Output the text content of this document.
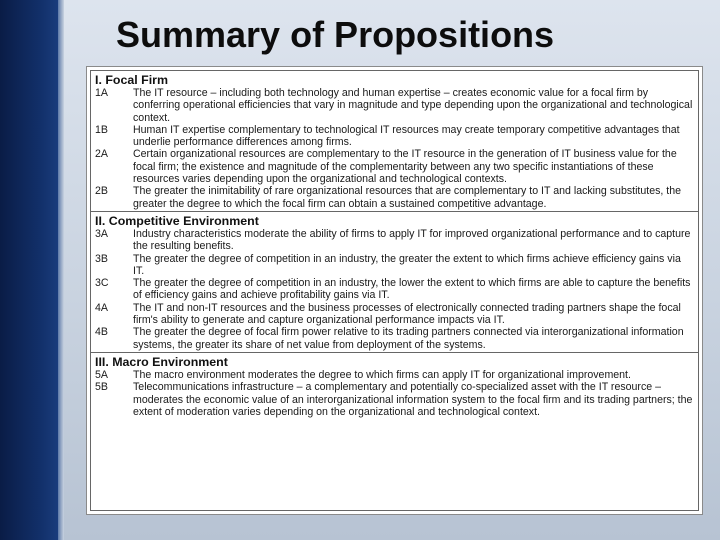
Summary of Propositions
I. Focal Firm
1A	The IT resource – including both technology and human expertise – creates economic value for a focal firm by conferring operational efficiencies that vary in magnitude and type depending upon the organizational and technological context.
1B	Human IT expertise complementary to technological IT resources may create temporary competitive advantages that underlie performance differences among firms.
2A	Certain organizational resources are complementary to the IT resource in the generation of IT business value for the focal firm; the existence and magnitude of the complementarity between any two specific instantiations of these resources varies depending upon the organizational and technological contexts.
2B	The greater the inimitability of rare organizational resources that are complementary to IT and lacking substitutes, the greater the degree to which the focal firm can obtain a sustained competitive advantage.
II. Competitive Environment
3A	Industry characteristics moderate the ability of firms to apply IT for improved organizational performance and to capture the resulting benefits.
3B	The greater the degree of competition in an industry, the greater the extent to which firms achieve efficiency gains via IT.
3C	The greater the degree of competition in an industry, the lower the extent to which firms are able to capture the benefits of efficiency gains and achieve profitability gains via IT.
4A	The IT and non-IT resources and the business processes of electronically connected trading partners shape the focal firm's ability to generate and capture organizational performance impacts via IT.
4B	The greater the degree of focal firm power relative to its trading partners connected via interorganizational information systems, the greater its share of net value from deployment of the systems.
III. Macro Environment
5A	The macro environment moderates the degree to which firms can apply IT for organizational improvement.
5B	Telecommunications infrastructure – a complementary and potentially co-specialized asset with the IT resource – moderates the economic value of an interorganizational information system to the focal firm and its trading partners; the extent of moderation varies depending on the organizational and technological context.
